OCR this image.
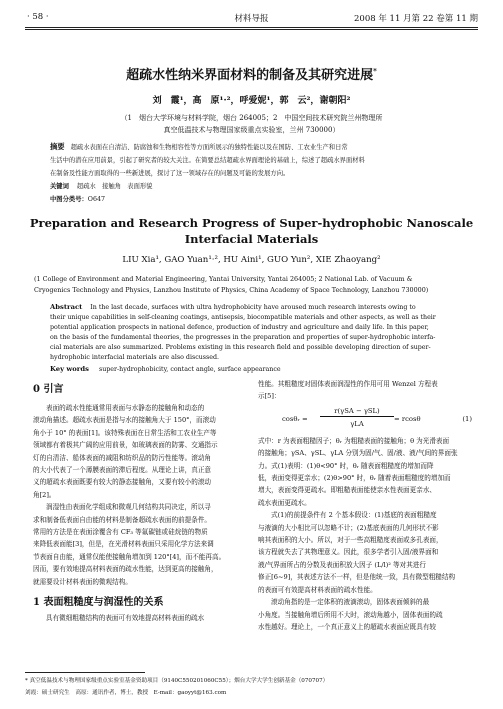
· 58 ·	材料导报	2008 年 11 月第 22 卷第 11 期
超疏水性纳米界面材料的制备及其研究进展*
刘　霞¹，高　原¹·²，呼爱妮¹，郭　云²，谢朝阳²
（1　烟台大学环境与材料学院，烟台 264005；2　中国空间技术研究院兰州物理所
真空低温技术与物理国家级重点实验室，兰州 730000）
摘要 超疏水表面在自清洁、防腐蚀和生物相容性等方面所展示的独特性能以及在国防、工农业生产和日常
生活中的潜在应用前景，引起了研究者的较大关注。在简要总结超疏水界面理论的基础上，综述了超疏水界面材料
在制备及性能方面取得的一些新进展，探讨了这一领域存在的问题及可能的发展方向。
关键词 超疏水　接触角　表面形貌
中图分类号：O647
Preparation and Research Progress of Super-hydrophobic Nanoscale
Interfacial Materials
LIU Xia¹, GAO Yuan¹·², HU Aini¹, GUO Yun², XIE Zhaoyang²
(1 College of Environment and Material Engineering, Yantai University, Yantai 264005; 2 National Lab. of Vacuum &
Cryogenics Technology and Physics, Lanzhou Institute of Physics, China Academy of Space Technology, Lanzhou 730000)
Abstract In the last decade, surfaces with ultra hydrophobicity have aroused much research interests owing to
their unique capabilities in self-cleaning coatings, antisepsis, biocompatible materials and other aspects, as well as their
potential application prospects in national defence, production of industry and agriculture and daily life. In this paper,
on the basis of the fundamental theories, the progresses in the preparation and properties of super-hydrophobic interfa-
cial materials are also summarized. Problems existing in this research field and possible developing direction of super-
hydrophobic interfacial materials are also discussed.
Key words super-hydrophobicity, contact angle, surface appearance
0 引言

表面的疏水性能通常用表面与水静态的接触角和动态的

滚动角描述。超疏水表面是指与水的接触角大于 150°，而滚动

角小于 10° 的表面[1]。该特殊表面在日常生活和工农业生产等

领域都有着极其广阔的应用前景，如玻璃表面的防雾、交通指示

灯的自清洁、船体表面的减阻和纺织品的防污性能等。滚动角

的大小代表了一个薄膜表面的滞后程度。从理论上讲，真正意

义的超疏水表面既要有较大的静态接触角，又要有较小的滚动

角[2]。

润湿性由表面化学组成和微观几何结构共同决定，所以寻

求和制备低表面自由能的材料是制备超疏水表面的前提条件。

常用的方法是在表面涂覆含有 CF₃ 等氟碳链或硅烷链的物质

来降低表面能[3]，但是，在光滑材料表面只采用化学方法来调

节表面自由能，通常仅能使接触角增加到 120°[4]，而不能再高。

因而，要有效地提高材料表面的疏水性能，达到更高的接触角，

就需要设计材料表面的微观结构。

1 表面粗糙度与润湿性的关系

具有微细粗糙结构的表面可有效地提高材料表面的疏水

性能。其粗糙度对固体表面润湿性的作用可用 Wenzel 方程表

示[5]：

cosθᵣ =
r(γSA − γSL)
γLA
= rcosθ	(1)

式中：r 为表面粗糙因子；θᵣ 为粗糙表面的接触角；θ 为光滑表面

的接触角；γSA、γSL、γLA 分别为固/气、固/液、液/气间的界面张

力。式(1)表明：(1)θ<90° 时，θᵣ 随表面粗糙度的增加而降

低，表面变得更亲水；(2)θ>90° 时，θᵣ 随着表面粗糙度的增加而

增大，表面变得更疏水。即粗糙表面能使亲水性表面更亲水、

疏水表面更疏水。

式(1)的前提条件有 2 个基本假设：(1)基底的表面粗糙度

与液滴的大小相比可以忽略不计；(2)基底表面的几何形状不影

响其表面积的大小。所以，对于一些高粗糙度表面或多孔表面，

该方程就失去了其物理意义。因此，很多学者引入固/液界面和

液/气界面所占的分数及表面积放大因子 (L/l)² 等对其进行

修正[6~9]，其表述方法不一样，但是他统一致，具有微型粗糙结构

的表面可有效提高材料表面的疏水性能。

滚动角指的是一定体积的液滴滚动，固体表面倾斜的最

小角度。当接触角增后所用不大时，滚动角越小，固体表面的疏

水性越好。理论上，一个真正意义上的超疏水表面应既具有较

* 真空低温技术与物理国家级重点实验室基金资助项目（9140C550201060C55）；烟台大学大学生创新基金（070707）
刘霞：硕士研究生　高原：通讯作者，博士，教授　E-mail：gaoyyt@163.com
